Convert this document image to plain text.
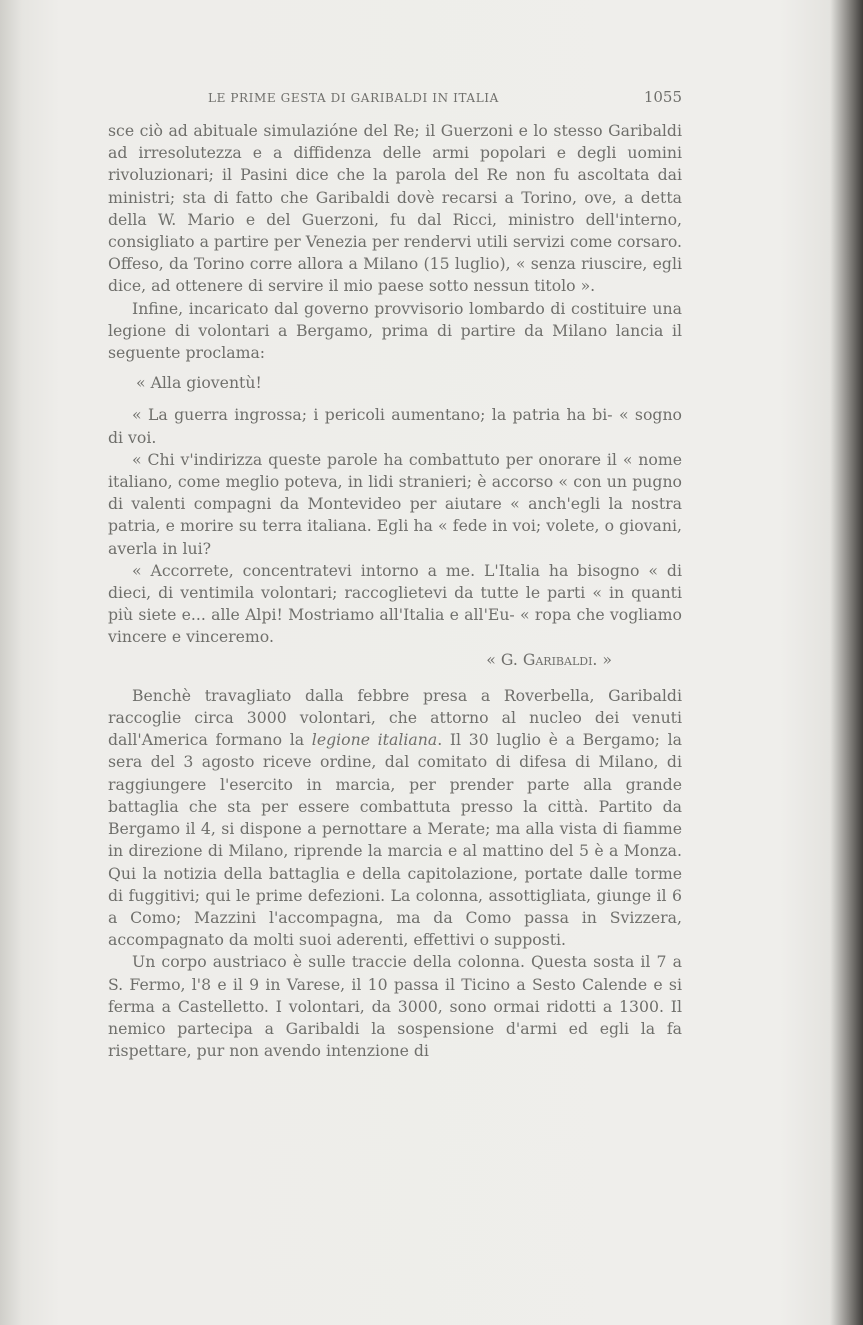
LE PRIME GESTA DI GARIBALDI IN ITALIA	1055

sce ciò ad abituale simulazióne del Re; il Guerzoni e lo stesso Garibaldi ad irresolutezza e a diffidenza delle armi popolari e degli uomini rivoluzionari; il Pasini dice che la parola del Re non fu ascoltata dai ministri; sta di fatto che Garibaldi dovè recarsi a Torino, ove, a detta della W. Mario e del Guerzoni, fu dal Ricci, ministro dell'interno, consigliato a partire per Venezia per rendervi utili servizi come corsaro. Offeso, da Torino corre allora a Milano (15 luglio), « senza riuscire, egli dice, ad ottenere di servire il mio paese sotto nessun titolo ».

Infine, incaricato dal governo provvisorio lombardo di costituire una legione di volontari a Bergamo, prima di partire da Milano lancia il seguente proclama:

« Alla gioventù!

« La guerra ingrossa; i pericoli aumentano; la patria ha bi- « sogno di voi.

« Chi v'indirizza queste parole ha combattuto per onorare il « nome italiano, come meglio poteva, in lidi stranieri; è accorso « con un pugno di valenti compagni da Montevideo per aiutare « anch'egli la nostra patria, e morire su terra italiana. Egli ha « fede in voi; volete, o giovani, averla in lui?

« Accorrete, concentratevi intorno a me. L'Italia ha bisogno « di dieci, di ventimila volontari; raccoglietevi da tutte le parti « in quanti più siete e... alle Alpi! Mostriamo all'Italia e all'Eu- « ropa che vogliamo vincere e vinceremo.

« G. Garibaldi. »

Benchè travagliato dalla febbre presa a Roverbella, Garibaldi raccoglie circa 3000 volontari, che attorno al nucleo dei venuti dall'America formano la legione italiana. Il 30 luglio è a Bergamo; la sera del 3 agosto riceve ordine, dal comitato di difesa di Milano, di raggiungere l'esercito in marcia, per prender parte alla grande battaglia che sta per essere combattuta presso la città. Partito da Bergamo il 4, si dispone a pernottare a Merate; ma alla vista di fiamme in direzione di Milano, riprende la marcia e al mattino del 5 è a Monza. Qui la notizia della battaglia e della capitolazione, portate dalle torme di fuggitivi; qui le prime defezioni. La colonna, assottigliata, giunge il 6 a Como; Mazzini l'accompagna, ma da Como passa in Svizzera, accompagnato da molti suoi aderenti, effettivi o supposti.

Un corpo austriaco è sulle traccie della colonna. Questa sosta il 7 a S. Fermo, l'8 e il 9 in Varese, il 10 passa il Ticino a Sesto Calende e si ferma a Castelletto. I volontari, da 3000, sono ormai ridotti a 1300. Il nemico partecipa a Garibaldi la sospensione d'armi ed egli la fa rispettare, pur non avendo intenzione di
